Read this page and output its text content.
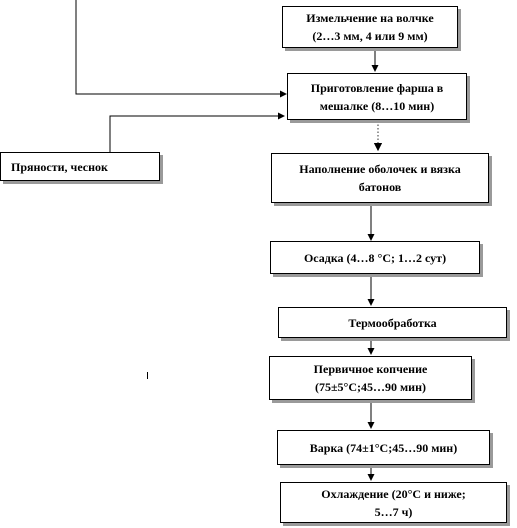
Измельчение на волчке
(2…3 мм, 4 или 9 мм)
Приготовление фарша в
мешалке (8…10 мин)
Пряности, чеснок	Наполнение оболочек и вязка
батонов
Осадка (4…8 °С; 1…2 сут)
Термообработка
Первичное копчение
(75±5°С;45…90 мин)
Варка (74±1°С;45…90 мин)
Охлаждение (20°С и ниже;
5…7 ч)
